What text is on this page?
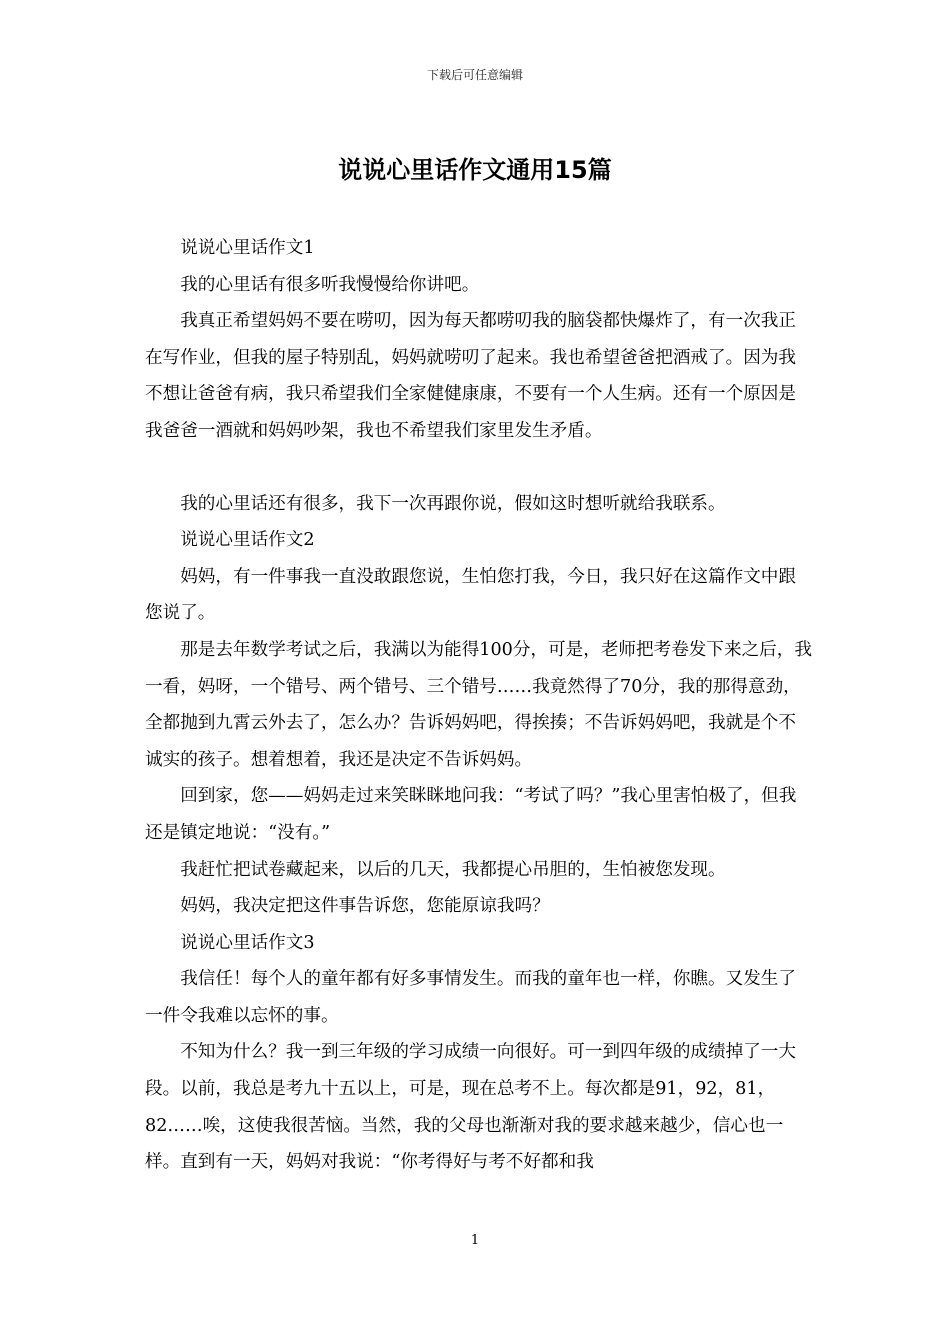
下载后可任意编辑
说说心里话作文通用15篇

说说心里话作文1

我的心里话有很多听我慢慢给你讲吧。

我真正希望妈妈不要在唠叨，因为每天都唠叨我的脑袋都快爆炸了，有一次我正在写作业，但我的屋子特别乱，妈妈就唠叨了起来。我也希望爸爸把酒戒了。因为我不想让爸爸有病，我只希望我们全家健健康康，不要有一个人生病。还有一个原因是我爸爸一酒就和妈妈吵架，我也不希望我们家里发生矛盾。

我的心里话还有很多，我下一次再跟你说，假如这时想听就给我联系。

说说心里话作文2

妈妈，有一件事我一直没敢跟您说，生怕您打我，今日，我只好在这篇作文中跟您说了。

那是去年数学考试之后，我满以为能得100分，可是，老师把考卷发下来之后，我一看，妈呀，一个错号、两个错号、三个错号……我竟然得了70分，我的那得意劲，全都抛到九霄云外去了，怎么办？告诉妈妈吧，得挨揍；不告诉妈妈吧，我就是个不诚实的孩子。想着想着，我还是决定不告诉妈妈。

回到家，您——妈妈走过来笑眯眯地问我：“考试了吗？”我心里害怕极了，但我还是镇定地说：“没有。”

我赶忙把试卷藏起来，以后的几天，我都提心吊胆的，生怕被您发现。

妈妈，我决定把这件事告诉您，您能原谅我吗？

说说心里话作文3

我信任！每个人的童年都有好多事情发生。而我的童年也一样，你瞧。又发生了一件令我难以忘怀的事。

不知为什么？我一到三年级的学习成绩一向很好。可一到四年级的成绩掉了一大段。以前，我总是考九十五以上，可是，现在总考不上。每次都是91，92，81，82……唉，这使我很苦恼。当然，我的父母也渐渐对我的要求越来越少，信心也一样。直到有一天，妈妈对我说：“你考得好与考不好都和我

1
